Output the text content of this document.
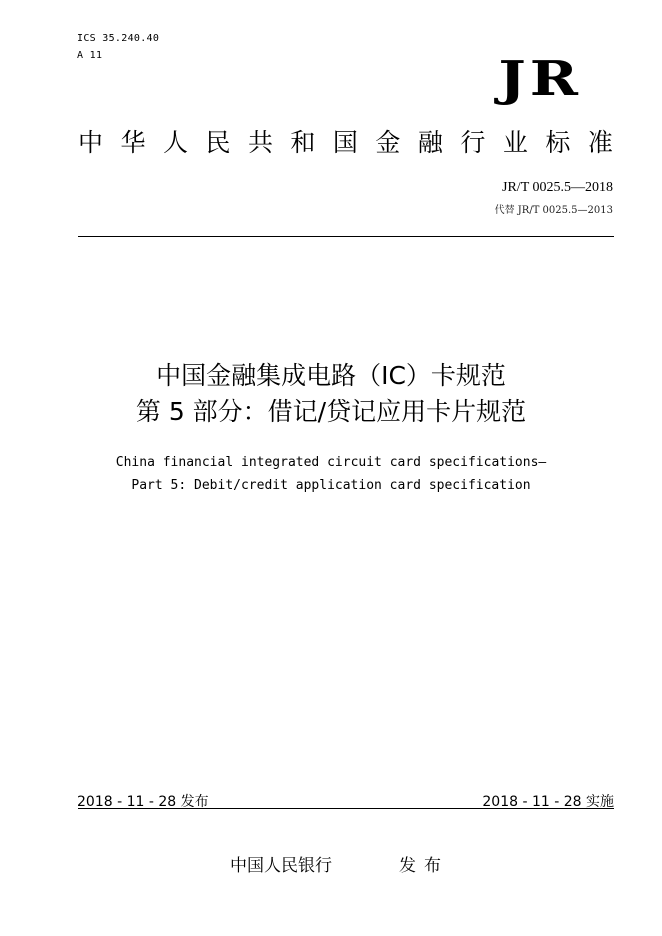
ICS 35.240.40
A 11	JR
中 华 人 民 共 和 国 金 融 行 业 标 准
JR/T 0025.5—2018
代替 JR/T 0025.5—2013
中国金融集成电路（IC）卡规范
第 5 部分：借记/贷记应用卡片规范
China financial integrated circuit card specifications—
Part 5: Debit/credit application card specification
2018 - 11 - 28 发布	2018 - 11 - 28 实施
中国人民银行	发布
